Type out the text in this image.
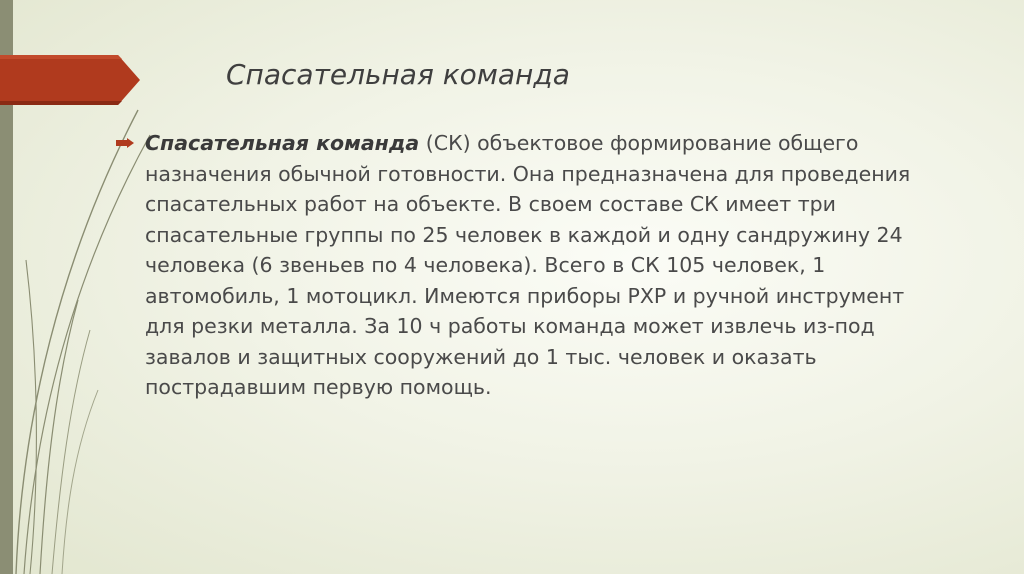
Спасательная команда
Спасательная команда (СК) объектовое формирование общего назначения обычной готовности. Она предназначена для проведения спасательных работ на объекте. В своем составе СК имеет три спасательные группы по 25 человек в каждой и одну сандружину 24 человека (6 звеньев по 4 человека). Всего в СК 105 человек, 1 автомобиль, 1 мотоцикл. Имеются приборы РХР и ручной инструмент для резки металла. За 10 ч работы команда может извлечь из-под завалов и защитных сооружений до 1 тыс. человек и оказать пострадавшим первую помощь.
